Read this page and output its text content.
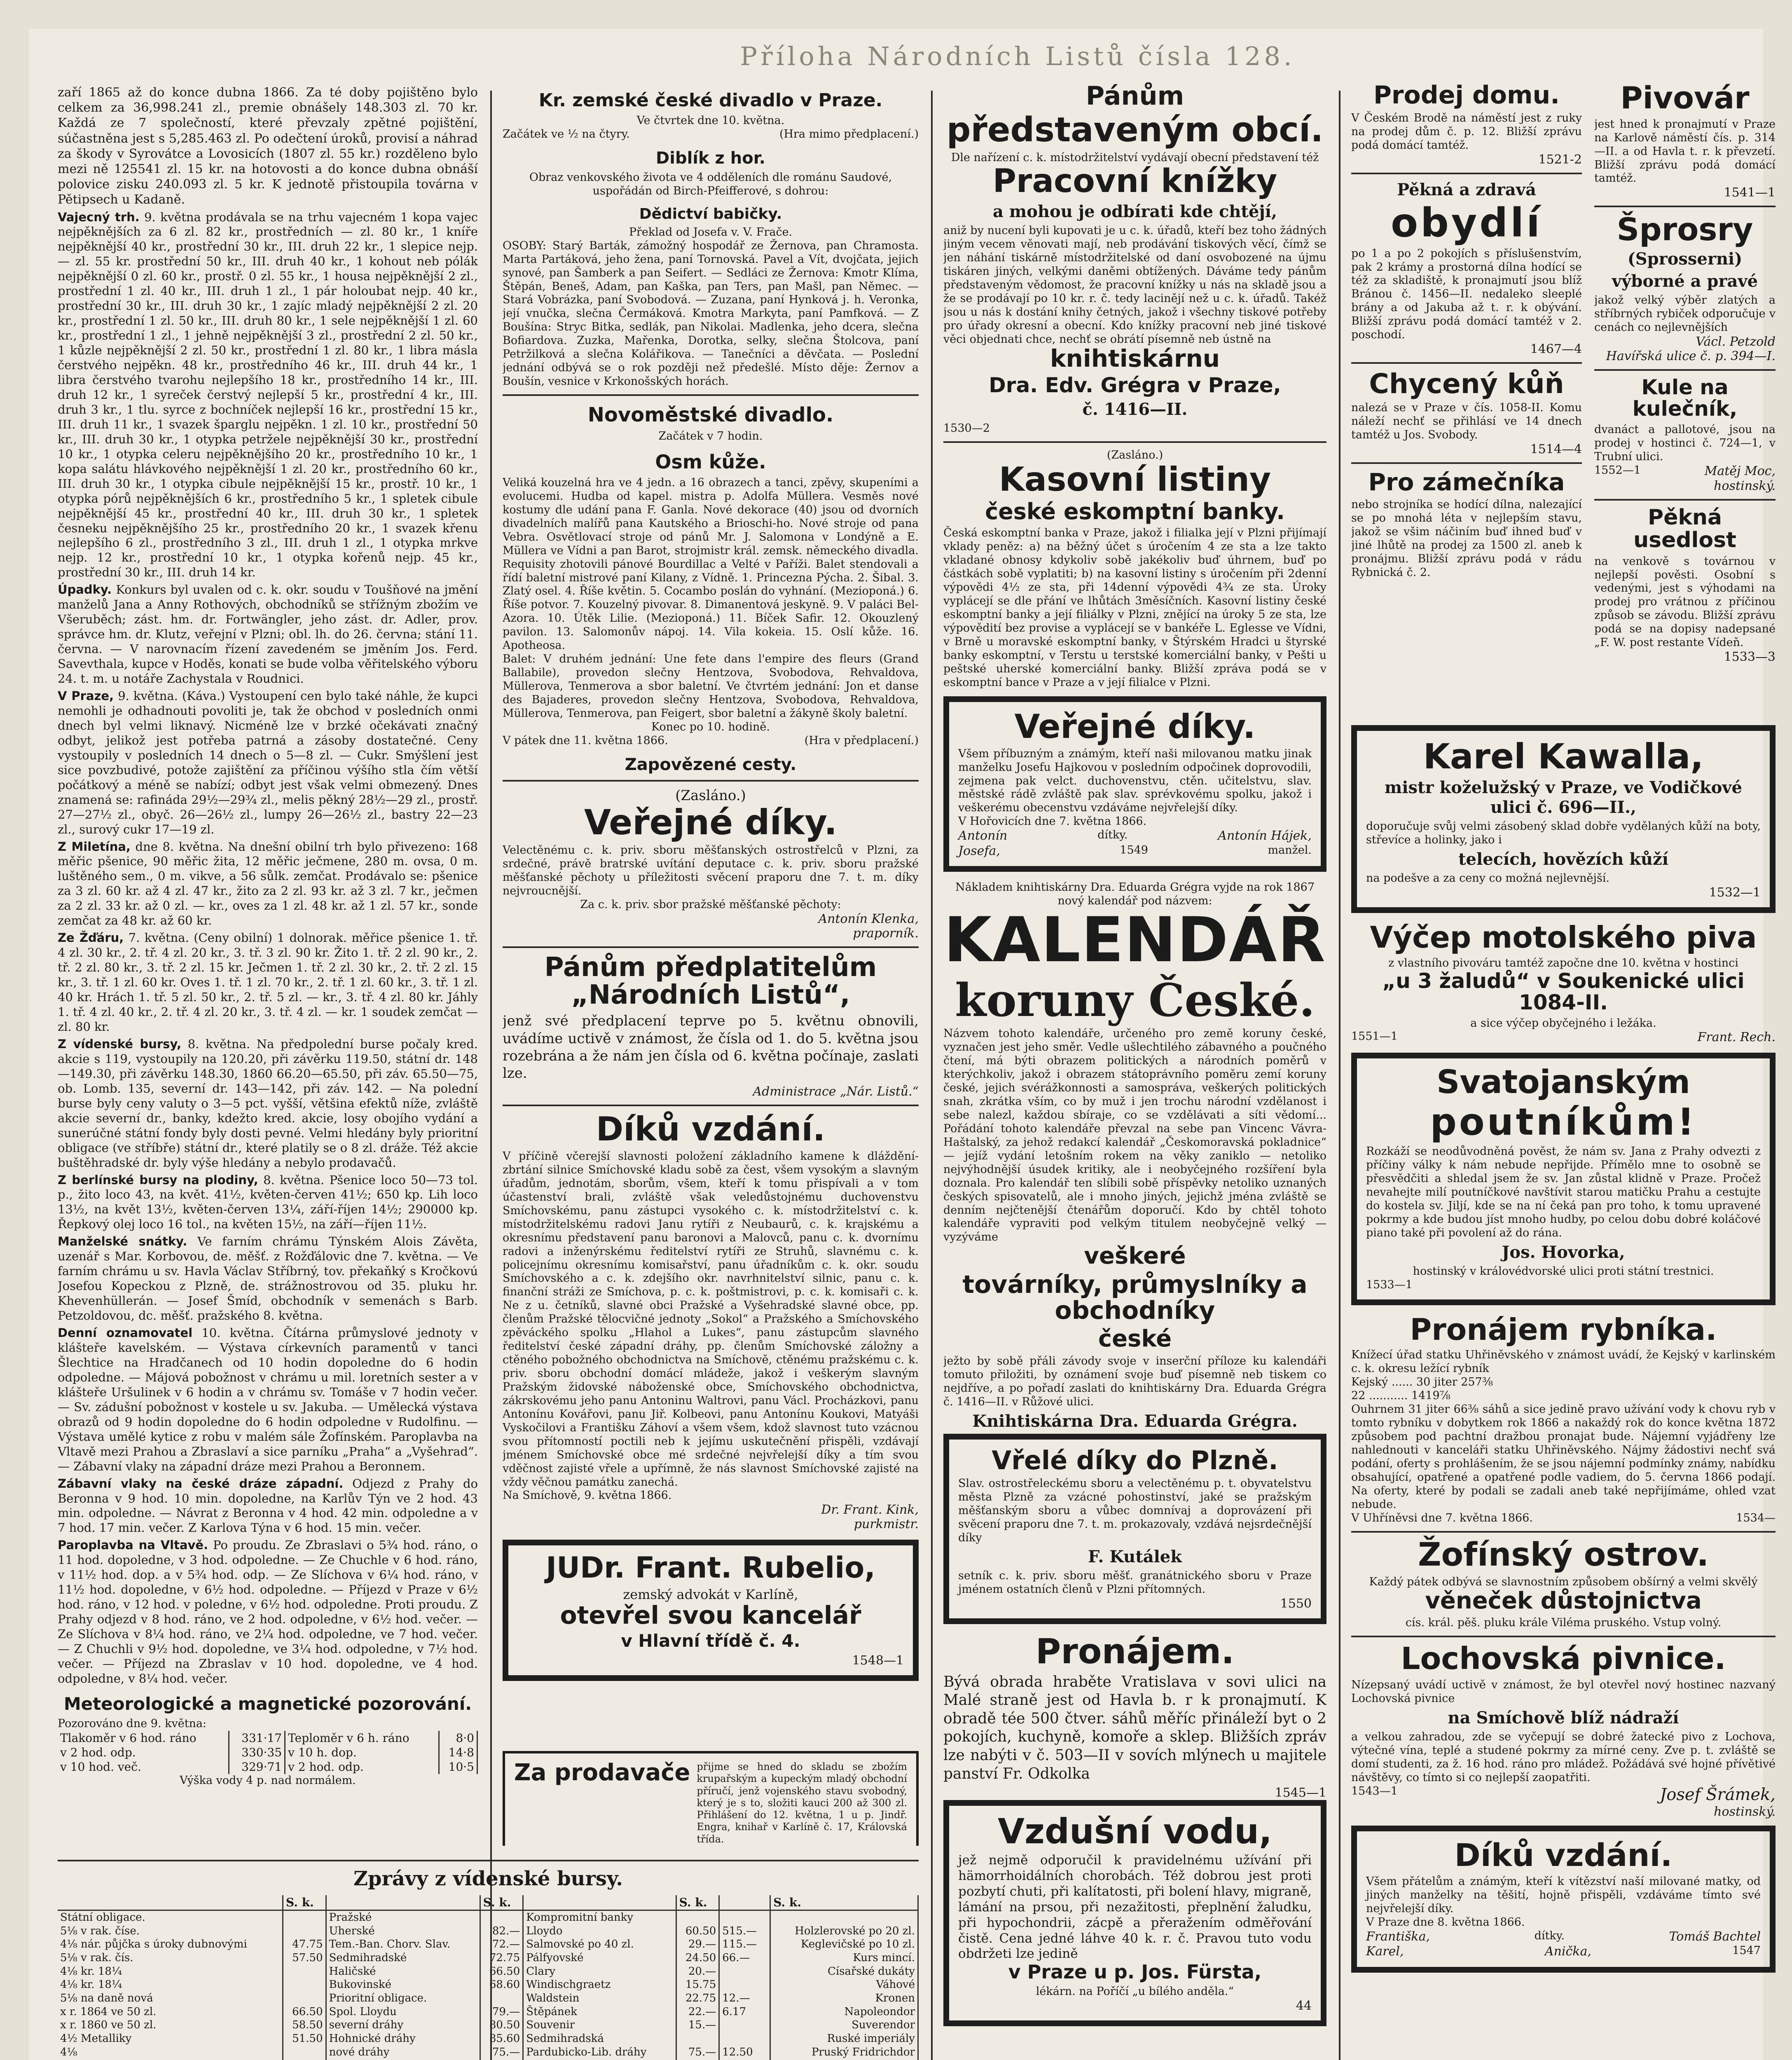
Příloha Národních Listů čísla 128.

zaří 1865 až do konce dubna 1866. Za té doby pojištěno bylo celkem za 36,998.241 zl., premie obnášely 148.303 zl. 70 kr. Každá ze 7 společností, které převzaly zpětné pojištění, súčastněna jest s 5,285.463 zl. Po odečtení úroků, provisí a náhrad za škody v Syrovátce a Lovosicích (1807 zl. 55 kr.) rozděleno bylo mezi ně 125541 zl. 15 kr. na hotovosti a do konce dubna obnáší polovice zisku 240.093 zl. 5 kr. K jednotě přistoupila továrna v Pětipsech u Kadaně.

Vajecný trh. 9. května prodávala se na trhu vajecném 1 kopa vajec nejpěknějších za 6 zl. 82 kr., prostředních — zl. 80 kr., 1 kníře nejpěknější 40 kr., prostřední 30 kr., III. druh 22 kr., 1 slepice nejp. — zl. 55 kr. prostřední 50 kr., III. druh 40 kr., 1 kohout neb pólák nejpěknější 0 zl. 60 kr., prostř. 0 zl. 55 kr., 1 housa nejpěknější 2 zl., prostřední 1 zl. 40 kr., III. druh 1 zl., 1 pár holoubat nejp. 40 kr., prostřední 30 kr., III. druh 30 kr., 1 zajíc mladý nejpěknější 2 zl. 20 kr., prostřední 1 zl. 50 kr., III. druh 80 kr., 1 sele nejpěknější 1 zl. 60 kr., prostřední 1 zl., 1 jehně nejpěknější 3 zl., prostřední 2 zl. 50 kr., 1 kůzle nejpěknější 2 zl. 50 kr., prostřední 1 zl. 80 kr., 1 libra másla čerstvého nejpěkn. 48 kr., prostředního 46 kr., III. druh 44 kr., 1 libra čerstvého tvarohu nejlepšího 18 kr., prostředního 14 kr., III. druh 12 kr., 1 syreček čerstvý nejlepší 5 kr., prostřední 4 kr., III. druh 3 kr., 1 tlu. syrce z bochníček nejlepší 16 kr., prostřední 15 kr., III. druh 11 kr., 1 svazek šparglu nejpěkn. 1 zl. 10 kr., prostřední 50 kr., III. druh 30 kr., 1 otypka petržele nejpěknější 30 kr., prostřední 10 kr., 1 otypka celeru nejpěknějšího 20 kr., prostředního 10 kr., 1 kopa salátu hlávkového nejpěknější 1 zl. 20 kr., prostředního 60 kr., III. druh 30 kr., 1 otypka cibule nejpěknější 15 kr., prostř. 10 kr., 1 otypka pórů nejpěknějších 6 kr., prostředního 5 kr., 1 spletek cibule nejpěknější 45 kr., prostřední 40 kr., III. druh 30 kr., 1 spletek česneku nejpěknějšího 25 kr., prostředního 20 kr., 1 svazek křenu nejlepšího 6 zl., prostředního 3 zl., III. druh 1 zl., 1 otypka mrkve nejp. 12 kr., prostřední 10 kr., 1 otypka kořenů nejp. 45 kr., prostřední 30 kr., III. druh 14 kr.
Úpadky. Konkurs byl uvalen od c. k. okr. soudu v Toušňové na jmění manželů Jana a Anny Rothových, obchodníků se střížným zbožím ve Všeruběch; zást. hm. dr. Fortwängler, jeho zást. dr. Adler, prov. správce hm. dr. Klutz, veřejní v Plzni; obl. lh. do 26. června; stání 11. června. — V narovnacím řízení zavedeném se jměním Jos. Ferd. Savevthala, kupce v Hoděs, konati se bude volba věřitelského výboru 24. t. m. u notáře Zachystala v Roudnici.
V Praze, 9. května. (Káva.) Vystoupení cen bylo také náhle, že kupci nemohli je odhadnouti povoliti je, tak že obchod v posledních onmi dnech byl velmi liknavý. Nicméně lze v brzké očekávati značný odbyt, jelikož jest potřeba patrná a zásoby dostatečné. Ceny vystoupily v posledních 14 dnech o 5—8 zl. — Cukr. Smýšlení jest sice povzbudivé, potože zajištění za příčinou výšího stla čím větší počátkový a méně se nabízí; odbyt jest však velmi obmezený. Dnes znamená se: rafináda 29½—29¾ zl., melis pěkný 28½—29 zl., prostř. 27—27½ zl., obyč. 26—26½ zl., lumpy 26—26½ zl., bastry 22—23 zl., surový cukr 17—19 zl.
Z Miletína, dne 8. května. Na dnešní obilní trh bylo přivezeno: 168 měřic pšenice, 90 měřic žita, 12 měřic ječmene, 280 m. ovsa, 0 m. luštěného sem., 0 m. vikve, a 56 sůlk. zemčat. Prodávalo se: pšenice za 3 zl. 60 kr. až 4 zl. 47 kr., žito za 2 zl. 93 kr. až 3 zl. 7 kr., ječmen za 2 zl. 33 kr. až 0 zl. — kr., oves za 1 zl. 48 kr. až 1 zl. 57 kr., sonde zemčat za 48 kr. až 60 kr.
Ze Žďáru, 7. května. (Ceny obilní) 1 dolnorak. měřice pšenice 1. tř. 4 zl. 30 kr., 2. tř. 4 zl. 20 kr., 3. tř. 3 zl. 90 kr. Žito 1. tř. 2 zl. 90 kr., 2. tř. 2 zl. 80 kr., 3. tř. 2 zl. 15 kr. Ječmen 1. tř. 2 zl. 30 kr., 2. tř. 2 zl. 15 kr., 3. tř. 1 zl. 60 kr. Oves 1. tř. 1 zl. 70 kr., 2. tř. 1 zl. 60 kr., 3. tř. 1 zl. 40 kr. Hrách 1. tř. 5 zl. 50 kr., 2. tř. 5 zl. — kr., 3. tř. 4 zl. 80 kr. Jáhly 1. tř. 4 zl. 40 kr., 2. tř. 4 zl. 20 kr., 3. tř. 4 zl. — kr. 1 soudek zemčat — zl. 80 kr.
Z vídenské bursy, 8. května. Na předpolední burse počaly kred. akcie s 119, vystoupily na 120.20, při závěrku 119.50, státní dr. 148—149.30, při závěrku 148.30, 1860 66.20—65.50, při záv. 65.50—75, ob. Lomb. 135, severní dr. 143—142, při záv. 142. — Na polední burse byly ceny valuty o 3—5 pct. vyšší, většina efektů níže, zvláště akcie severní dr., banky, kdežto kred. akcie, losy obojího vydání a sunerúčné státní fondy byly dosti pevné. Velmi hledány byly prioritní obligace (ve stříbře) státní dr., které platily se o 8 zl. dráže. Též akcie buštěhradské dr. byly výše hledány a nebylo prodavačů.
Z berlínské bursy na plodiny, 8. května. Pšenice loco 50—73 tol. p., žito loco 43, na květ. 41½, květen-červen 41½; 650 kp. Lih loco 13½, na květ 13½, květen-červen 13¼, září-říjen 14½; 290000 kp. Řepkový olej loco 16 tol., na květen 15½, na září—říjen 11½.
Manželské snátky. Ve farním chrámu Týnském Alois Závěta, uzenář s Mar. Korbovou, de. měšť. z Rožďálovic dne 7. května. — Ve farním chrámu u sv. Havla Václav Stříbrný, tov. překaňký s Kročkovú Josefou Kopeckou z Plzně, de. strážnostrovou od 35. pluku hr. Khevenhüllerán. — Josef Šmíd, obchodník v semenách s Barb. Petzoldovou, dc. měšť. pražského 8. května.
Denní oznamovatel 10. května. Čítárna průmyslové jednoty v klášteře kavelském. — Výstava církevních paramentů v tanci Šlechtice na Hradčanech od 10 hodin dopoledne do 6 hodin odpoledne. — Májová pobožnost v chrámu u mil. loretních sester a v klášteře Uršulinek v 6 hodin a v chrámu sv. Tomáše v 7 hodin večer. — Sv. zádušní pobožnost v kostele u sv. Jakuba. — Umělecká výstava obrazů od 9 hodin dopoledne do 6 hodin odpoledne v Rudolfinu. — Výstava umělé kytice z robu v malém sále Žofínském. Paroplavba na Vltavě mezi Prahou a Zbraslaví a sice parníku „Praha“ a „Vyšehrad“. — Zábavní vlaky na západní dráze mezi Prahou a Beronnem.
Zábavní vlaky na české dráze západní. Odjezd z Prahy do Beronna v 9 hod. 10 min. dopoledne, na Karlův Týn ve 2 hod. 43 min. odpoledne. — Návrat z Beronna v 4 hod. 42 min. odpoledne a v 7 hod. 17 min. večer. Z Karlova Týna v 6 hod. 15 min. večer.
Paroplavba na Vltavě. Po proudu. Ze Zbraslavi o 5¾ hod. ráno, o 11 hod. dopoledne, v 3 hod. odpoledne. — Ze Chuchle v 6 hod. ráno, v 11½ hod. dop. a v 5¾ hod. odp. — Ze Slíchova v 6¼ hod. ráno, v 11½ hod. dopoledne, v 6½ hod. odpoledne. — Příjezd v Praze v 6½ hod. ráno, v 12 hod. v poledne, v 6½ hod. odpoledne. Proti proudu. Z Prahy odjezd v 8 hod. ráno, ve 2 hod. odpoledne, v 6½ hod. večer. — Ze Slíchova v 8¼ hod. ráno, ve 2¼ hod. odpoledne, ve 7 hod. večer. — Z Chuchli v 9½ hod. dopoledne, ve 3¼ hod. odpoledne, v 7½ hod. večer. — Příjezd na Zbraslav v 10 hod. dopoledne, ve 4 hod. odpoledne, v 8¼ hod. večer.
Meteorologické a magnetické pozorování.
Pozorováno dne 9. května:
Tlakoměr v 6 hod. ráno	331·17	Teploměr v 6 h. ráno	8·0
v 2 hod. odp.	330·35	v 10 h. dop.	14·8
v 10 hod. več.	329·71	v 2 hod. odp.	10·5
Výška vody 4 p. nad normálem.
Kr. zemské české divadlo v Praze.
Ve čtvrtek dne 10. května.
Začátek ve ½ na čtyry.	(Hra mimo předplacení.)
Diblík z hor.
Obraz venkovského života ve 4 odděleních dle románu Saudové, uspořádán od Birch-Pfeifferové, s dohrou:
Dědictví babičky.
Překlad od Josefa v. V. Frače.
OSOBY: Starý Barták, zámožný hospodář ze Žernova, pan Chramosta. Marta Partáková, jeho žena, paní Tornovská. Pavel a Vít, dvojčata, jejich synové, pan Šamberk a pan Seifert. — Sedláci ze Žernova: Kmotr Klíma, Štěpán, Beneš, Adam, pan Kaška, pan Ters, pan Mašl, pan Němec. — Stará Vobrázka, paní Svobodová. — Zuzana, paní Hynková j. h. Veronka, její vnučka, slečna Čermáková. Kmotra Markyta, paní Pamfková. — Z Boušína: Stryc Bitka, sedlák, pan Nikolai. Madlenka, jeho dcera, slečna Bofiardova. Zuzka, Mařenka, Dorotka, selky, slečna Štolcova, paní Petržilková a slečna Kolářikova. — Tanečníci a děvčata. — Poslední jednání odbývá se o rok později než předešlé. Místo děje: Žernov a Boušín, vesnice v Krkonošských horách.
Novoměstské divadlo.
Začátek v 7 hodin.
Osm kůže.
Veliká kouzelná hra ve 4 jedn. a 16 obrazech a tanci, zpěvy, skupeními a evolucemi. Hudba od kapel. mistra p. Adolfa Müllera. Vesměs nové kostumy dle udání pana F. Ganla. Nové dekorace (40) jsou od dvorních divadelních malířů pana Kautského a Brioschi-ho. Nové stroje od pana Vebra. Osvětlovací stroje od pánů Mr. J. Salomona v Londýně a E. Müllera ve Vídni a pan Barot, strojmistr král. zemsk. německého divadla. Requisity zhotovili pánové Bourdillac a Velté v Paříži. Balet stendovali a řídí baletní mistrové paní Kilany, z Vídně. 1. Princezna Pýcha. 2. Šibal. 3. Zlatý osel. 4. Říše květin. 5. Cocambo poslán do vyhnání. (Mezioponá.) 6. Říše potvor. 7. Kouzelný pivovar. 8. Dimanentová jeskyně. 9. V paláci Bel-Azora. 10. Útěk Lilie. (Mezioponá.) 11. Bíček Safir. 12. Okouzlený pavilon. 13. Salomonův nápoj. 14. Vila kokeia. 15. Oslí kůže. 16. Apotheosa.
Balet: V druhém jednání: Une fete dans l'empire des fleurs (Grand Ballabile), provedon slečny Hentzova, Svobodova, Rehvaldova, Müllerova, Tenmerova a sbor baletní. Ve čtvrtém jednání: Jon et danse des Bajaderes, provedon slečny Hentzova, Svobodova, Rehvaldova, Müllerova, Tenmerova, pan Feigert, sbor baletní a žákyně školy baletní.
Konec po 10. hodině.
V pátek dne 11. května 1866.	(Hra v předplacení.)
Zapovězené cesty.
(Zasláno.)
Veřejné díky.
Velectěnému c. k. priv. sboru měšťanských ostrostřelců v Plzni, za srdečné, právě bratrské uvítání deputace c. k. priv. sboru pražské měšťanské pěchoty u příležitosti svěcení praporu dne 7. t. m. díky nejvroucnější.
Za c. k. priv. sbor pražské měšťanské pěchoty:
Antonín Klenka,
praporník.
Pánům předplatitelům „Národních Listů“,
jenž své předplacení teprve po 5. květnu obnovili, uvádíme uctivě v známost, že čísla od 1. do 5. května jsou rozebrána a že nám jen čísla od 6. května počínaje, zaslati lze.
Administrace „Nár. Listů.“
Díků vzdání.
V příčině včerejší slavnosti položení základního kamene k dláždění-zbrtání silnice Smíchovské kladu sobě za čest, všem vysokým a slavným úřadům, jednotám, sborům, všem, kteří k tomu přispívali a v tom účastenství brali, zvláště však veledůstojnému duchovenstvu Smíchovskému, panu zástupci vysokého c. k. místodržitelství c. k. místodržitelskému radovi Janu rytíři z Neubaurů, c. k. krajskému a okresnímu představení panu baronovi a Malovců, panu c. k. dvornímu radovi a inženýrskému ředitelství rytíři ze Struhů, slavnému c. k. policejnímu okresnímu komisařství, panu úřadníkům c. k. okr. soudu Smíchovského a c. k. zdejšího okr. navrhnitelství silnic, panu c. k. finanční stráži ze Smíchova, p. c. k. poštmistrovi, p. c. k. komisaři c. k. Ne z u. četníků, slavné obci Pražské a Vyšehradské slavné obce, pp. členům Pražské tělocvičné jednoty „Sokol“ a Pražského a Smíchovského zpěváckého spolku „Hlahol a Lukes“, panu zástupcům slavného ředitelství české západní dráhy, pp. členům Smíchovské záložny a ctěného pobožného obchodnictva na Smíchově, ctěnému pražskému c. k. priv. sboru obchodní domácí mládeže, jakož i veškerým slavným Pražským židovské náboženské obce, Smíchovského obchodnictva, zákrskovému jeho panu Antoninu Waltrovi, panu Václ. Procházkovi, panu Antonínu Kovářovi, panu Jiř. Kolbeovi, panu Antonínu Koukovi, Matyáši Vyskočilovi a Františku Záhoví a všem všem, kdož slavnost tuto vzácnou svou přítomností poctili neb k jejímu uskutečnění přispěli, vzdávají jménem Smíchovské obce mé srdečné nejvřelejší díky a tím svou vděčnost zajisté vřele a upřímně, že nás slavnost Smíchovské zajisté na vždy věčnou památku zanechá.
Na Smíchově, 9. května 1866.
Dr. Frant. Kink,
purkmistr.
JUDr. Frant. Rubelio,
zemský advokát v Karlíně,
otevřel svou kancelář
v Hlavní třídě č. 4.
1548—1
Pánům
představeným obcí.
Dle nařízení c. k. místodržitelství vydávají obecní představení též
Pracovní knížky
a mohou je odbírati kde chtějí,
aniž by nucení byli kupovati je u c. k. úřadů, kteří bez toho žádných jiným vecem věnovati mají, neb prodávání tiskových věcí, čímž se jen náhání tiskárně místodržitelské od daní osvobozené na újmu tiskáren jiných, velkými daněmi obtížených. Dáváme tedy pánům představeným vědomost, že pracovní knížky u nás na skladě jsou a že se prodávají po 10 kr. r. č. tedy lacinějí než u c. k. úřadů. Takéž jsou u nás k dostání knihy četných, jakož i všechny tiskové potřeby pro úřady okresní a obecní. Kdo knížky pracovní neb jiné tiskové věci objednati chce, nechť se obrátí písemně neb ústně na
knihtiskárnu
Dra. Edv. Grégra v Praze,
č. 1416—II.
1530—2
(Zasláno.)
Kasovní listiny
české eskomptní banky.
Česká eskomptní banka v Praze, jakož i filialka její v Plzni přijímají vklady peněz: a) na běžný účet s úročením 4 ze sta a lze takto vkladané obnosy kdykoliv sobě jakékoliv buď úhrnem, buď po částkách sobě vyplatiti; b) na kasovní listiny s úročením při 2denní výpovědi 4½ ze sta, při 14denní výpovědi 4¾ ze sta. Úroky vyplácejí se dle přání ve lhůtách 3měsíčních. Kasovní listiny české eskomptní banky a její filiálky v Plzni, znějící na úroky 5 ze sta, lze výpovědití bez provise a vyplácejí se v bankéře L. Eglesse ve Vídni, v Brně u moravské eskomptní banky, v Štýrském Hradci u štyrské banky eskomptní, v Terstu u terstské komerciální banky, v Pešti u peštské uherské komerciální banky. Bližší zpráva podá se v eskomptní bance v Praze a v její filialce v Plzni.
Veřejné díky.
Všem příbuzným a známým, kteří naši milovanou matku jinak manželku Josefu Hajkovou v posledním odpočinek doprovodili, zejmena pak velct. duchovenstvu, ctěn. učitelstvu, slav. městské rádě zvláště pak slav. sprévkovému spolku, jakož i veškerému obecenstvu vzdáváme nejvřelejší díky.
V Hořovicích dne 7. května 1866.
Antonín	dítky.	Antonín Hájek,
Josefa,	1549	manžel.
Nákladem knihtiskárny Dra. Eduarda Grégra vyjde na rok 1867 nový kalendář pod názvem:
KALENDÁŘ
koruny České.
Názvem tohoto kalendáře, určeného pro země koruny české, vyznačen jest jeho směr. Vedle ušlechtilého zábavného a poučného čtení, má býti obrazem politických a národních poměrů v kterýchkoliv, jakož i obrazem státoprávního poměru zemí koruny české, jejich svérážkonnosti a samospráva, veškerých politických snah, zkrátka vším, co by muž i jen trochu národní vzdělanost i sebe nalezl, každou sbíraje, co se vzdělávati a síti vědomí... Pořádání tohoto kalendáře převzal na sebe pan Vincenc Vávra-Haštalský, za jehož redakcí kalendář „Českomoravská pokladnice“ — jejíž vydání letošním rokem na věky zaniklo — netoliko nejvýhodnější úsudek kritiky, ale i neobyčejného rozšíření byla doznala. Pro kalendář ten slíbili sobě příspěvky netoliko uznaných českých spisovatelů, ale i mnoho jiných, jejichž jména zvláště se denním nejčtenější čtenářům doporučí. Kdo by chtěl tohoto kalendáře vypraviti pod velkým titulem neobyčejně velký — vyzýváme
veškeré
továrníky, průmyslníky a obchodníky
české
ježto by sobě přáli závody svoje v inserční příloze ku kalendáři tomuto přiložiti, by oznámení svoje buď písemně neb tiskem co nejdříve, a po pořadí zaslati do knihtiskárny Dra. Eduarda Grégra č. 1416—II. v Růžové ulici.
Knihtiskárna Dra. Eduarda Grégra.
Vřelé díky do Plzně.
Slav. ostrostřeleckému sboru a velectěnému p. t. obyvatelstvu města Plzně za vzácné pohostinství, jaké se pražským měšťanským sboru a vůbec domnívaj a doprovázení při svěcení praporu dne 7. t. m. prokazovaly, vzdává nejsrdečnější díky
F. Kutálek
setník c. k. priv. sboru měšť. granátnického sboru v Praze jménem ostatních členů v Plzni přítomných.
1550
Pronájem.
Bývá obrada hraběte Vratislava v sovi ulici na Malé straně jest od Havla b. r k pronajmutí. K obradě tée 500 čtver. sáhů měříc přináleží byt o 2 pokojích, kuchyně, komoře a sklep. Bližších zpráv lze nabýti v č. 503—II v sovích mlýnech u majitele panství Fr. Odkolka
1545—1
Vzdušní vodu,
jež nejmě odporučil k pravidelnému užívání při hämorrhoidálních chorobách. Též dobrou jest proti pozbytí chuti, při kalítatosti, při bolení hlavy, migraně, lámání na prsou, při nezažitosti, přeplnění žaludku, při hypochondrii, zácpě a přeražením odměřování čistě. Cena jedné láhve 40 k. r. č. Pravou tuto vodu obdržeti lze jedině
v Praze u p. Jos. Fürsta,
lékárn. na Poříčí „u bílého anděla.“
44
Prodej domu.
V Českém Brodě na náměstí jest z ruky na prodej dům č. p. 12. Bližší zprávu podá domácí tamtéž.
1521-2
Pěkná a zdravá
obydlí
po 1 a po 2 pokojích s příslušenstvím, pak 2 krámy a prostorná dílna hodící se též za skladiště, k pronajmutí jsou blíž Bránou č. 1456—II. nedaleko sleeplé brány a od Jakuba až t. r. k obývání. Bližší zprávu podá domácí tamtéž v 2. poschodí.
1467—4
Chycený kůň
nalezá se v Praze v čís. 1058-II. Komu náleží nechť se přihlásí ve 14 dnech tamtéž u Jos. Svobody.
1514—4
Pro zámečníka
nebo strojníka se hodící dílna, nalezající se po mnohá léta v nejlepším stavu, jakož se všim náčiním buď ihned buď v jiné lhůtě na prodej za 1500 zl. aneb k pronájmu. Bližší zprávu podá v rádu Rybnická č. 2.
Pivovár
jest hned k pronajmutí v Praze na Karlově náměstí čís. p. 314—II. a od Havla t. r. k převzetí. Bližší zprávu podá domácí tamtéž.
1541—1
Šprosry
(Sprosserni)
výborné a pravé
jakož velký výběr zlatých a stříbrných rybiček odporučuje v cenách co nejlevnějších
Václ. Petzold
Havířská ulice č. p. 394—I.
Kule na kulečník,
dvanáct a pallotové, jsou na prodej v hostinci č. 724—1, v Trubní ulici.
1552—1	Matěj Moc,
hostinský.
Pěkná usedlost
na venkově s továrnou v nejlepší pověsti. Osobní s vedenými, jest s výhodami na prodej pro vrátnou z příčinou způsob se závodu. Bližší zprávu podá se na dopisy nadepsané „F. W. post restante Vídeň.
1533—3
Karel Kawalla,
mistr koželužský v Praze, ve Vodičkové ulici č. 696—II.,
doporučuje svůj velmi zásobený sklad dobře vydělaných kůží na boty, střevíce a holinky, jako i
telecích, hovězích kůží
na podešve a za ceny co možná nejlevnější.
1532—1
Výčep motolského piva
z vlastního pivováru tamtéž započne dne 10. května v hostinci
„u 3 žaludů“ v Soukenické ulici 1084-II.
a sice výčep obyčejného i ležáka.
1551—1	Frant. Rech.
Svatojanským
poutníkům!
Rozkáží se neodůvodněná pověst, že nám sv. Jana z Prahy odvezti z příčiny války k nám nebude nepřijde. Přímělo mne to osobně se přesvědčiti a shledal jsem že sv. Jan zůstal klidně v Praze. Pročež nevahejte milí poutníčkové navštívit starou matičku Prahu a cestujte do kostela sv. Jiljí, kde se na ní čeká pan pro toho, k tomu upravené pokrmy a kde budou jíst mnoho hudby, po celou dobu dobré koláčové piano také při povolení až do rána.
Jos. Hovorka,
hostinský v královédvorské ulici proti státní trestnici.
1533—1
Pronájem rybníka.
Knížecí úřad statku Uhřiněvského v známost uvádí, že Kejský v karlinském c. k. okresu ležící rybník
Kejský ...... 30 jiter 257⅜
22 ........... 1419⅞
Ouhrnem 31 jiter 66⅜ sáhů a sice jedině pravo užívání vody k chovu ryb v tomto rybníku v dobytkem rok 1866 a nakaždý rok do konce května 1872 způsobem pod pachtní dražbou pronajat bude. Nájemní vyjádřeny lze nahlednouti v kanceláři statku Uhřiněvského. Nájmy žádostivi nechť svá podání, oferty s prohlášením, že se jsou nájemní podmínky známy, nabídku obsahující, opatřené a opatřené podle vadiem, do 5. června 1866 podají. Na oferty, které by podali se zadali aneb také nepřijímáme, ohled vzat nebude.
V Uhříněvsi dne 7. května 1866.	1534—
Žofínský ostrov.
Každý pátek odbývá se slavnostním způsobem obšírný a velmi skvělý
věneček důstojnictva
cís. král. pěš. pluku krále Viléma pruského. Vstup volný.
Lochovská pivnice.
Nízepsaný uvádí uctivě v známost, že byl otevřel nový hostinec nazvaný Lochovská pivnice
na Smíchově blíž nádraží
a velkou zahradou, zde se vyčepují se dobré žatecké pivo z Lochova, výtečné vína, teplé a studené pokrmy za mírné ceny. Zve p. t. zvláště se domí studenti, za ž. 16 hod. ráno pro mládež. Požádává své hojné přívětivé návštěvy, co tímto si co nejlepší zaopatřiti.
1543—1	Josef Šrámek,
hostinský.
Díků vzdání.
Všem přátelům a známým, kteří k vítězství naší milované matky, od jiných manželky na těšití, hojně přispěli, vzdáváme tímto své nejvřelejší díky.
V Praze dne 8. května 1866.
Františka,	dítky.	Tomáš Bachtel
Karel,	Anička,	1547
Zprávy z vídenské bursy.
	S. k.		S. k.		S. k.		S. k.
Státní obligace.		Pražské		Kompromitní banky			
5⅛ v rak. číse.		Uherské	82.—	Lloydo	60.50	515.—	Holzlerovské po 20 zl.
4⅛ nár. půjčka s úroky dubnovými	47.75	Tem.-Ban. Chorv. Slav.	72.—	Salmovské po 40 zl.	29.—	115.—	Keglevičské po 10 zl.
5⅛ v rak. čís.	57.50	Sedmihradské	72.75	Pálfyovské	24.50	66.—	Kurs mincí.
4⅛ kr. 18¼		Haličské	66.50	Clary	20.—		Císařské dukáty
4⅛ kr. 18¼		Bukovinské	68.60	Windischgraetz	15.75		Váhové
5⅛ na daně nová		Prioritní obligace.		Waldstein	22.75	12.—	Kronen
x r. 1864 ve 50 zl.	66.50	Spol. Lloydu	79.—	Štěpánek	22.—	6.17	Napoleondor
x r. 1860 ve 50 zl.	58.50	severní dráhy	80.50	Souvenir	15.—		Suverendor
4½ Metalliky	51.50	Hohnické dráhy	85.60	Sedmihradská			Ruské imperiály
4⅛		nové dráhy	75.—	Pardubicko-Lib. dráhy	75.—	12.50	Pruský Fridrichdor

Za prodavače přijme se hned do skladu se zbožím krupařským a kupeckým mladý obchodní příručí, jenž vojenského stavu svobodný, který je s to, složiti kauci 200 až 300 zl. Přihlášení do 12. května, 1 u p. Jindř. Engra, knihař v Karlíně č. 17, Královská třída.
